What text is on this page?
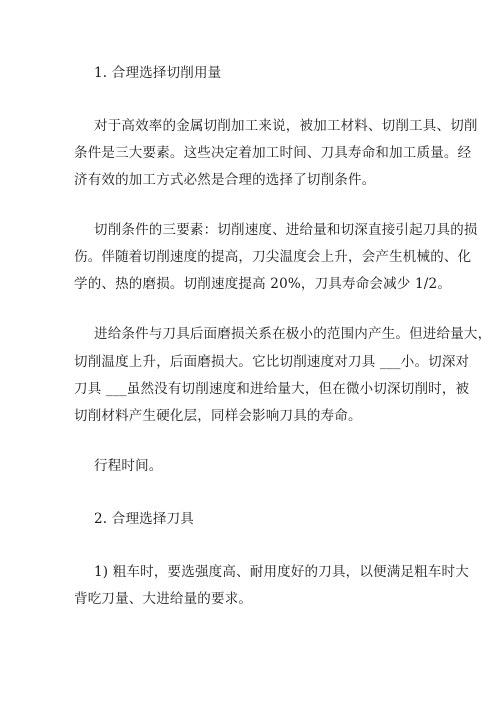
1. 合理选择切削用量
对于高效率的金属切削加工来说，被加工材料、切削工具、切削
条件是三大要素。这些决定着加工时间、刀具寿命和加工质量。经
济有效的加工方式必然是合理的选择了切削条件。
切削条件的三要素：切削速度、进给量和切深直接引起刀具的损
伤。伴随着切削速度的提高，刀尖温度会上升，会产生机械的、化
学的、热的磨损。切削速度提高 20%，刀具寿命会减少 1/2。
进给条件与刀具后面磨损关系在极小的范围内产生。但进给量大，
切削温度上升，后面磨损大。它比切削速度对刀具 ___小。切深对
刀具 ___虽然没有切削速度和进给量大，但在微小切深切削时，被
切削材料产生硬化层，同样会影响刀具的寿命。
行程时间。
2. 合理选择刀具
1) 粗车时，要选强度高、耐用度好的刀具，以便满足粗车时大
背吃刀量、大进给量的要求。
